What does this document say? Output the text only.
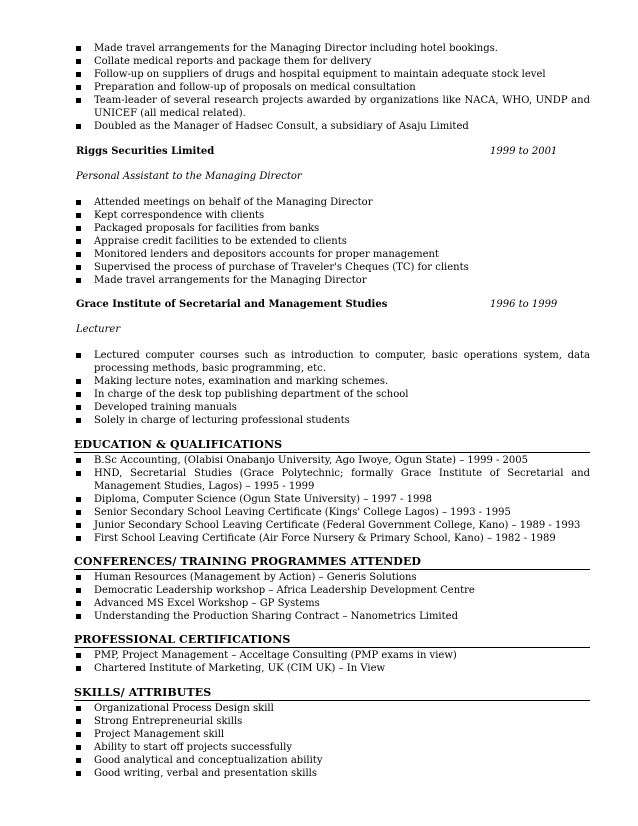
Made travel arrangements for the Managing Director including hotel bookings.
Collate medical reports and package them for delivery
Follow-up on suppliers of drugs and hospital equipment to maintain adequate stock level
Preparation and follow-up of proposals on medical consultation
Team-leader of several research projects awarded by organizations like NACA, WHO, UNDP and UNICEF (all medical related).
Doubled as the Manager of Hadsec Consult, a subsidiary of Asaju Limited
Riggs Securities Limited	1999 to 2001
Personal Assistant to the Managing Director
Attended meetings on behalf of the Managing Director
Kept correspondence with clients
Packaged proposals for facilities from banks
Appraise credit facilities to be extended to clients
Monitored lenders and depositors accounts for proper management
Supervised the process of purchase of Traveler's Cheques (TC) for clients
Made travel arrangements for the Managing Director
Grace Institute of Secretarial and Management Studies	1996 to 1999
Lecturer
Lectured computer courses such as introduction to computer, basic operations system, data processing methods, basic programming, etc.
Making lecture notes, examination and marking schemes.
In charge of the desk top publishing department of the school
Developed training manuals
Solely in charge of lecturing professional students
EDUCATION & QUALIFICATIONS
B.Sc Accounting, (Olabisi Onabanjo University, Ago Iwoye, Ogun State) – 1999 - 2005
HND, Secretarial Studies (Grace Polytechnic; formally Grace Institute of Secretarial and Management Studies, Lagos) – 1995 - 1999
Diploma, Computer Science (Ogun State University) – 1997 - 1998
Senior Secondary School Leaving Certificate (Kings' College Lagos) – 1993 - 1995
Junior Secondary School Leaving Certificate (Federal Government College, Kano) – 1989 - 1993
First School Leaving Certificate (Air Force Nursery & Primary School, Kano) – 1982 - 1989
CONFERENCES/ TRAINING PROGRAMMES ATTENDED
Human Resources (Management by Action) – Generis Solutions
Democratic Leadership workshop – Africa Leadership Development Centre
Advanced MS Excel Workshop – GP Systems
Understanding the Production Sharing Contract – Nanometrics Limited
PROFESSIONAL CERTIFICATIONS
PMP, Project Management – Acceltage Consulting (PMP exams in view)
Chartered Institute of Marketing, UK (CIM UK) – In View
SKILLS/ ATTRIBUTES
Organizational Process Design skill
Strong Entrepreneurial skills
Project Management skill
Ability to start off projects successfully
Good analytical and conceptualization ability
Good writing, verbal and presentation skills
